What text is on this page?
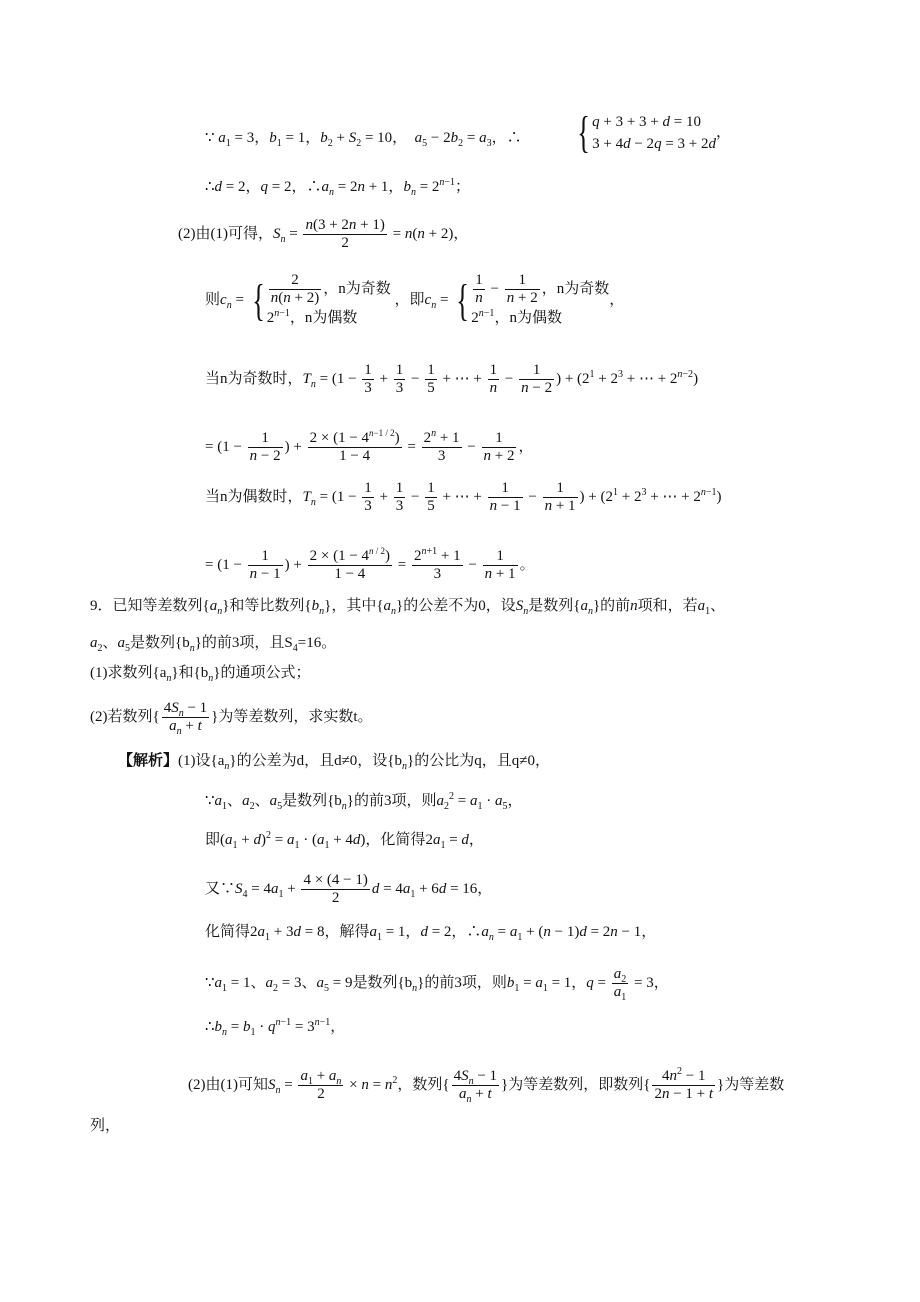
∵ $a_1 = 3$，$b_1 = 1$，$b_2 + S_2 = 10$，  $a_5 - 2b_2 = a_3$，∴ { q + 3 + 3 + d = 10
3 + 4d − 2q = 3 + 2d
，
∴d = 2，q = 2，$\therefore a_n = 2n + 1$，$b_n = 2^{n-1}$；
(2)由(1)可得，$S_n = \frac{n(3 + 2n + 1)}{2} = n(n + 2)$，
则$c_n$ = { $\frac{2}{n(n + 2)}$ ，n为奇数
$2^{n-1}$，n为偶数
，即$c_n$ = { $\frac{1}{n} - \frac{1}{n + 2}$ ，n为奇数
$2^{n-1}$，n为偶数
，
当n为奇数时，$T_n = (1 - \frac{1}{3} + \frac{1}{3} - \frac{1}{5}$ + ⋯ + $\frac{1}{n} - \frac{1}{n - 2}$ ) + ($2^1 + 2^3$ + ⋯ + $2^{n-2}$)
= ($1 - \frac{1}{n - 2}$ ) + $\frac{2 \times (1 - 4^{n-1 / 2})}{1 - 4} = \frac{2^n + 1}{3} - \frac{1}{n + 2}$ ，
当n为偶数时，$T_n = (1 - \frac{1}{3} + \frac{1}{3} - \frac{1}{5}$ + ⋯ + $\frac{1}{n - 1} - \frac{1}{n + 1}$ ) + ($2^1 + 2^3$ + ⋯ + $2^{n-1}$)
= ($1 - \frac{1}{n - 1}$ ) + $\frac{2 \times (1 - 4^{n / 2})}{1 - 4} = \frac{2^{n+1} + 1}{3} - \frac{1}{n + 1}$ 。
9．已知等差数列$\{a_n\}$和等比数列$\{b_n\}$，其中$\{a_n\}$的公差不为0，设$S_n$是数列$\{a_n\}$的前n项和，若$a_1$、
$a_2$、$a_5$是数列$\{b_n\}$的前3项，且$S_4=16$。
(1)求数列$\{a_n\}$和$\{b_n\}$的通项公式；
(2)若数列{ $\frac{4S_n - 1}{a_n + t}$ }为等差数列，求实数t。
【解析】(1)设$\{a_n\}$的公差为d，且d≠0，设$\{b_n\}$的公比为q，且q≠0，
$\because a_1$、$a_2$、$a_5$是数列$\{b_n\}$的前3项，则$a_2^2 = a_1 \cdot a_5$，
即$(a_1 + d)^2 = a_1 \cdot (a_1 + 4d)$，化简得$2a_1 = d$，
又$\because S_4 = 4a_1 + \frac{4 \times (4 - 1)}{2}$ $d = 4a_1 + 6d = 16$，
化简得$2a_1 + 3d = 8$，解得$a_1 = 1$，d = 2，$\therefore a_n = a_1 + (n - 1)d = 2n - 1$，
$\because a_1 = 1$、$a_2 = 3$、$a_5 = 9$是数列$\{b_n\}$的前3项，则$b_1 = a_1 = 1$，$q = \frac{a_2}{a_1} = 3$，
$\therefore b_n = b_1 \cdot q^{n-1} = 3^{n-1}$，
(2)由(1)可知$S_n = \frac{a_1 + a_n}{2} \times n = n^2$，数列{ $\frac{4S_n - 1}{a_n + t}$ }为等差数列，即数列{ $\frac{4n^2 - 1}{2n - 1 + t}$ }为等差数
列，
